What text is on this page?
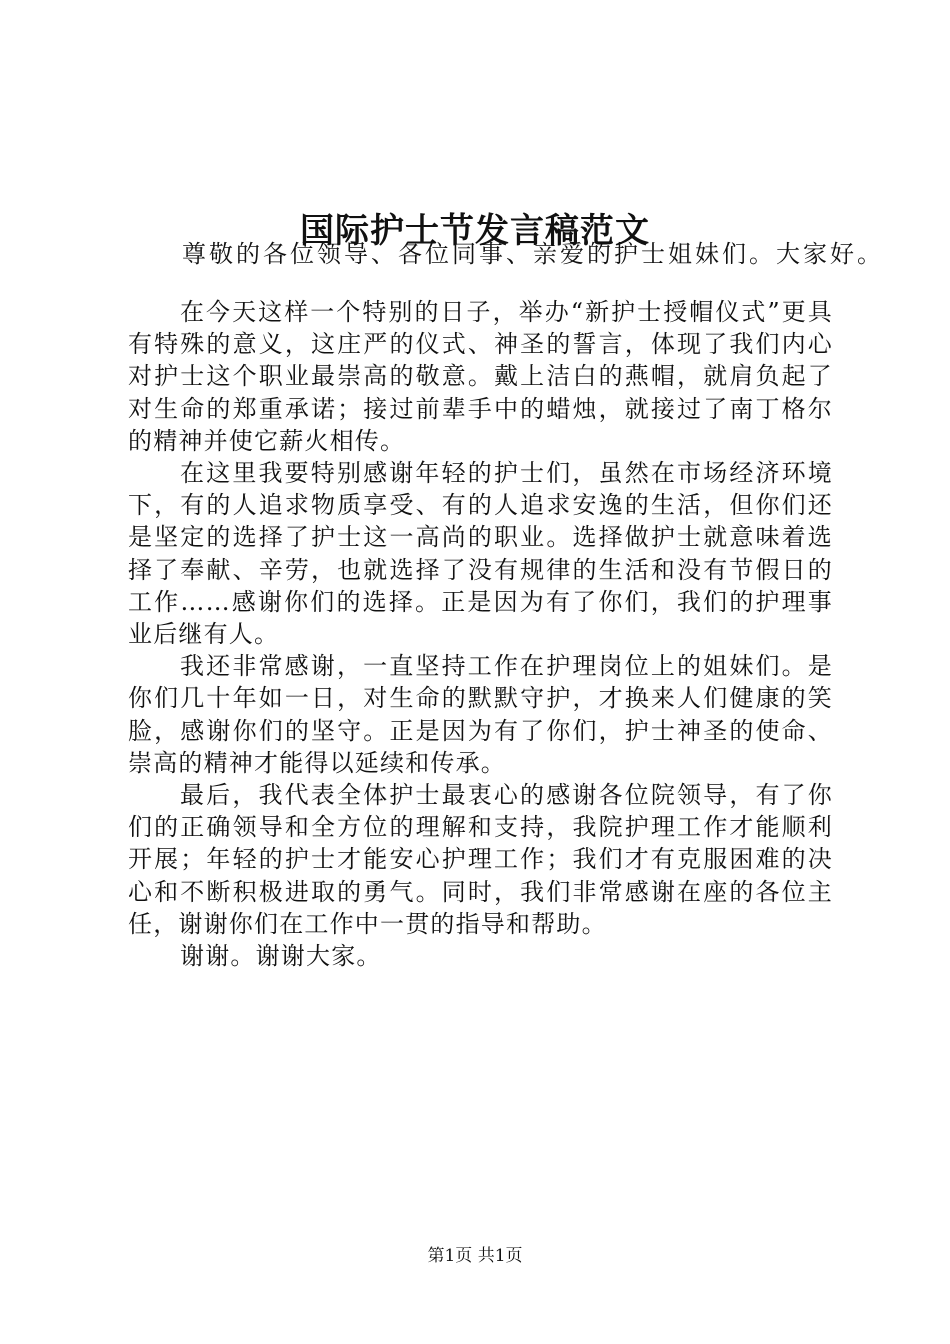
国际护士节发言稿范文
尊敬的各位领导、各位同事、亲爱的护士姐妹们。大家好。

在今天这样一个特别的日子，举办“新护士授帽仪式”更具有特殊的意义，这庄严的仪式、神圣的誓言，体现了我们内心对护士这个职业最崇高的敬意。戴上洁白的燕帽，就肩负起了对生命的郑重承诺；接过前辈手中的蜡烛，就接过了南丁格尔的精神并使它薪火相传。

在这里我要特别感谢年轻的护士们，虽然在市场经济环境下，有的人追求物质享受、有的人追求安逸的生活，但你们还是坚定的选择了护士这一高尚的职业。选择做护士就意味着选择了奉献、辛劳，也就选择了没有规律的生活和没有节假日的工作……感谢你们的选择。正是因为有了你们，我们的护理事业后继有人。

我还非常感谢，一直坚持工作在护理岗位上的姐妹们。是你们几十年如一日，对生命的默默守护，才换来人们健康的笑脸，感谢你们的坚守。正是因为有了你们，护士神圣的使命、崇高的精神才能得以延续和传承。

最后，我代表全体护士最衷心的感谢各位院领导，有了你们的正确领导和全方位的理解和支持，我院护理工作才能顺利开展；年轻的护士才能安心护理工作；我们才有克服困难的决心和不断积极进取的勇气。同时，我们非常感谢在座的各位主任，谢谢你们在工作中一贯的指导和帮助。

谢谢。谢谢大家。

第1页 共1页
